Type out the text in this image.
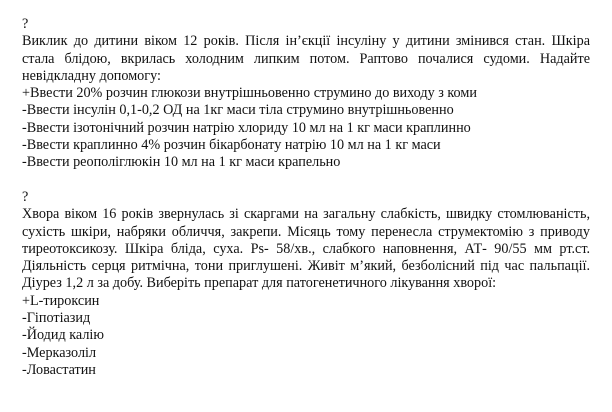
?
Виклик до дитини віком 12 років. Після ін’єкції інсуліну у дитини змінився стан. Шкіра стала блідою, вкрилась холодним липким потом. Раптово почалися судоми. Надайте невідкладну допомогу:
+Ввести 20% розчин глюкози внутрішньовенно струмино до виходу з коми
-Ввести інсулін 0,1-0,2 ОД на 1кг маси тіла струмино внутрішньовенно
-Ввести ізотонічний розчин натрію хлориду 10 мл на 1 кг маси краплинно
-Ввести краплинно 4% розчин бікарбонату натрію 10 мл на 1 кг маси
-Ввести реополіглюкін 10 мл на 1 кг маси крапельно
?
Хвора віком 16 років звернулась зі скаргами на загальну слабкість, швидку стомлюваність, сухість шкіри, набряки обличчя, закрепи. Місяць тому перенесла струмектомію з приводу тиреотоксикозу. Шкіра бліда, суха. Ps- 58/хв., слабкого наповнення, АТ- 90/55 мм рт.ст. Діяльність серця ритмічна, тони приглушені. Живіт м’який, безболісний під час пальпації. Діурез 1,2 л за добу. Виберіть препарат для патогенетичного лікування хворої:
+L-тироксин
-Гіпотіазид
-Йодид калію
-Мерказоліл
-Ловастатин
